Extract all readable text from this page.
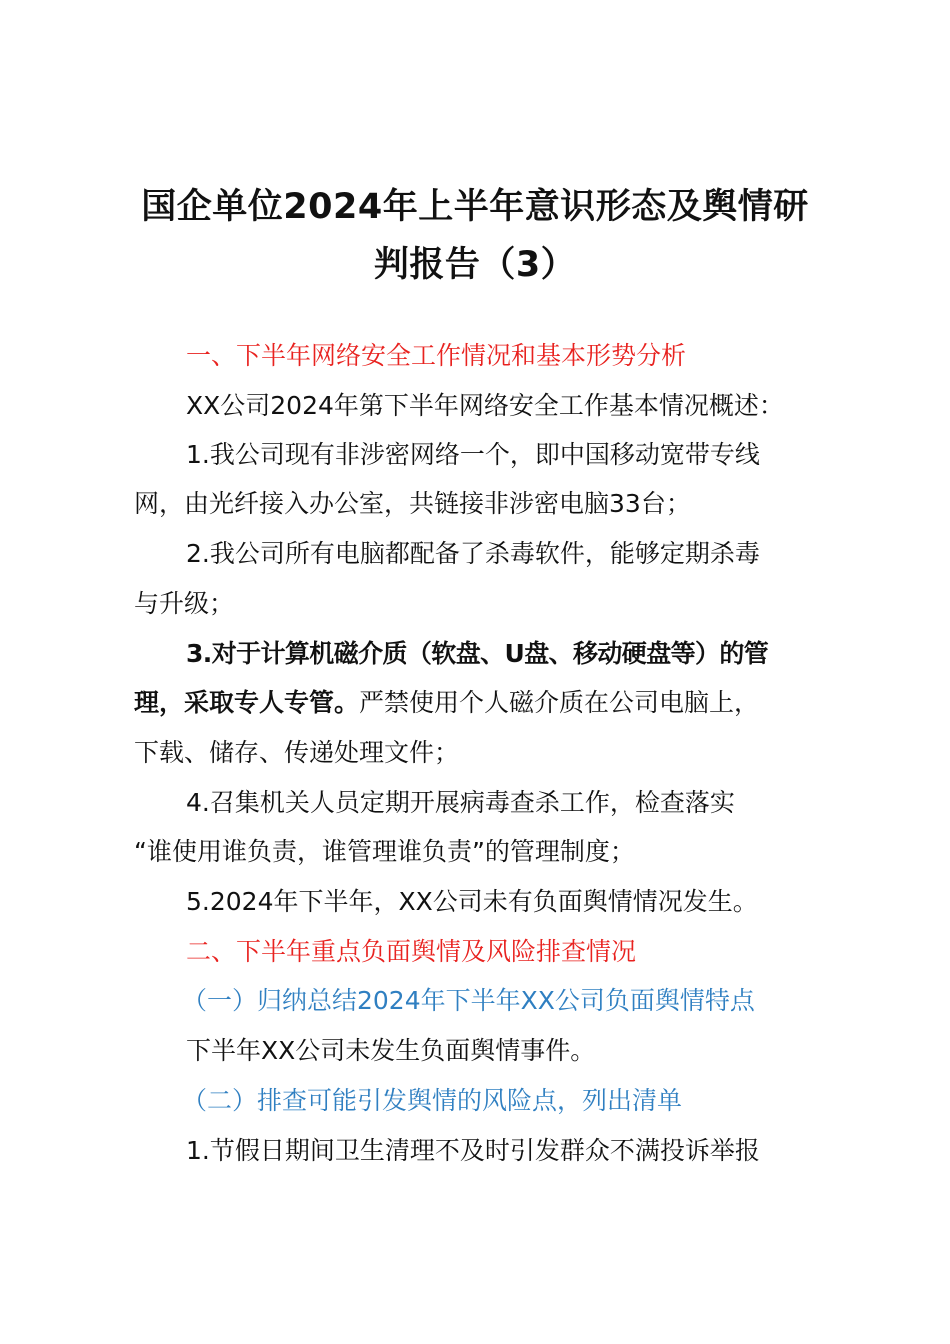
国企单位2024年上半年意识形态及舆情研
判报告（3）
一、下半年网络安全工作情况和基本形势分析
XX公司2024年第下半年网络安全工作基本情况概述：
1.我公司现有非涉密网络一个，即中国移动宽带专线
网，由光纤接入办公室，共链接非涉密电脑33台；
2.我公司所有电脑都配备了杀毒软件，能够定期杀毒
与升级；
3.对于计算机磁介质（软盘、U盘、移动硬盘等）的管
理，采取专人专管。严禁使用个人磁介质在公司电脑上，
下载、储存、传递处理文件；
4.召集机关人员定期开展病毒查杀工作，检查落实
“谁使用谁负责，谁管理谁负责”的管理制度；
5.2024年下半年，XX公司未有负面舆情情况发生。
二、下半年重点负面舆情及风险排查情况
（一）归纳总结2024年下半年XX公司负面舆情特点
下半年XX公司未发生负面舆情事件。
（二）排查可能引发舆情的风险点，列出清单
1.节假日期间卫生清理不及时引发群众不满投诉举报
